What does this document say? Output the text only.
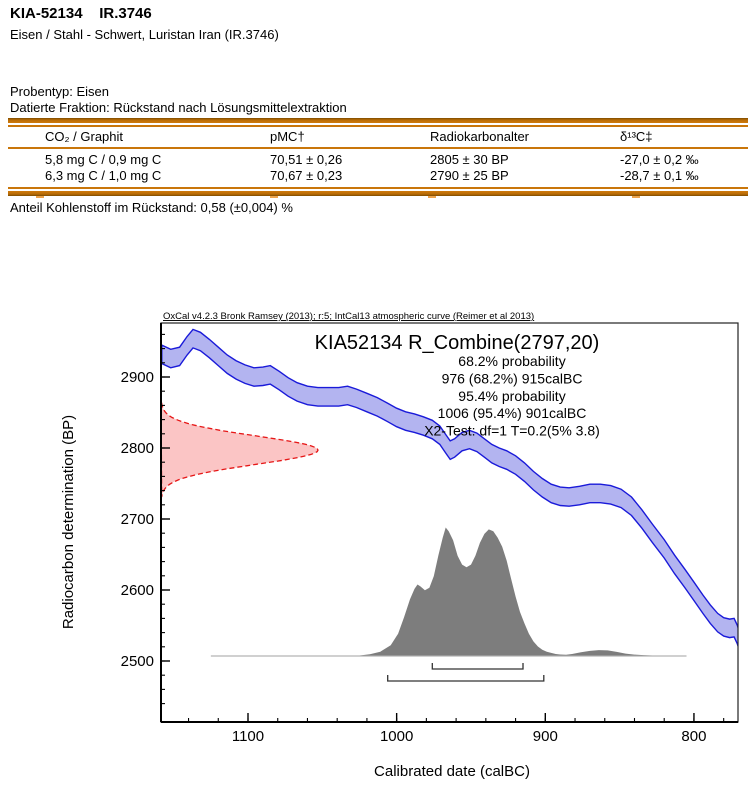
KIA-52134    IR.3746
Eisen / Stahl - Schwert, Luristan Iran (IR.3746)
Probentyp: Eisen
Datierte Fraktion: Rückstand nach Lösungsmittelextraktion
CO₂ / Graphit	pMC†	Radiokarbonalter	δ¹³C‡
5,8 mg C / 0,9 mg C	70,51 ± 0,26	2805 ± 30 BP	-27,0 ± 0,2 ‰
6,3 mg C / 1,0 mg C	70,67 ± 0,23	2790 ± 25 BP	-28,7 ± 0,1 ‰
Anteil Kohlenstoff im Rückstand: 0,58 (±0,004) %
1100	1000	900	800
2900
2800
2700
2600
2500
OxCal v4.2.3 Bronk Ramsey (2013); r:5; IntCal13 atmospheric curve (Reimer et al 2013)
KIA52134 R_Combine(2797,20)
68.2% probability
976 (68.2%) 915calBC
95.4% probability
1006 (95.4%) 901calBC
X2-Test: df=1 T=0.2(5% 3.8)
Radiocarbon determination (BP)
Calibrated date (calBC)
